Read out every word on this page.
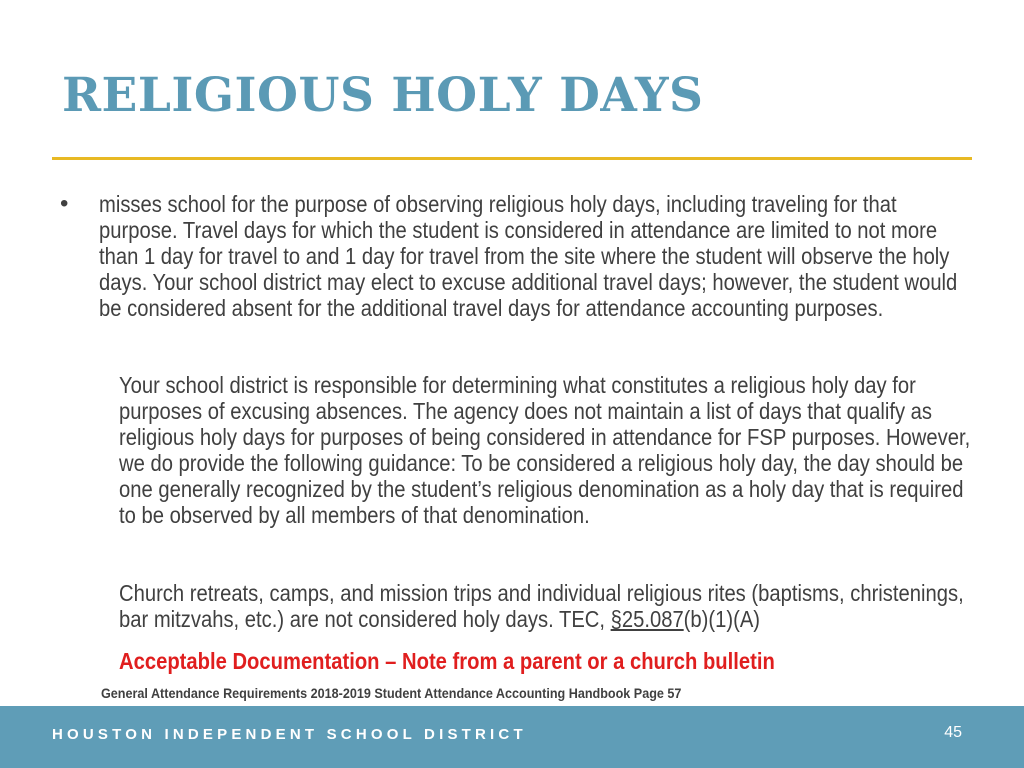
RELIGIOUS HOLY DAYS
• misses school for the purpose of observing religious holy days, including traveling for that purpose. Travel days for which the student is considered in attendance are limited to not more than 1 day for travel to and 1 day for travel from the site where the student will observe the holy days. Your school district may elect to excuse additional travel days; however, the student would be considered absent for the additional travel days for attendance accounting purposes.

Your school district is responsible for determining what constitutes a religious holy day for purposes of excusing absences. The agency does not maintain a list of days that qualify as religious holy days for purposes of being considered in attendance for FSP purposes. However, we do provide the following guidance: To be considered a religious holy day, the day should be one generally recognized by the student’s religious denomination as a holy day that is required to be observed by all members of that denomination.

Church retreats, camps, and mission trips and individual religious rites (baptisms, christenings, bar mitzvahs, etc.) are not considered holy days. TEC, §25.087(b)(1)(A)

Acceptable Documentation – Note from a parent or a church bulletin
General Attendance Requirements 2018-2019 Student Attendance Accounting Handbook Page 57
HOUSTON INDEPENDENT SCHOOL DISTRICT	45
